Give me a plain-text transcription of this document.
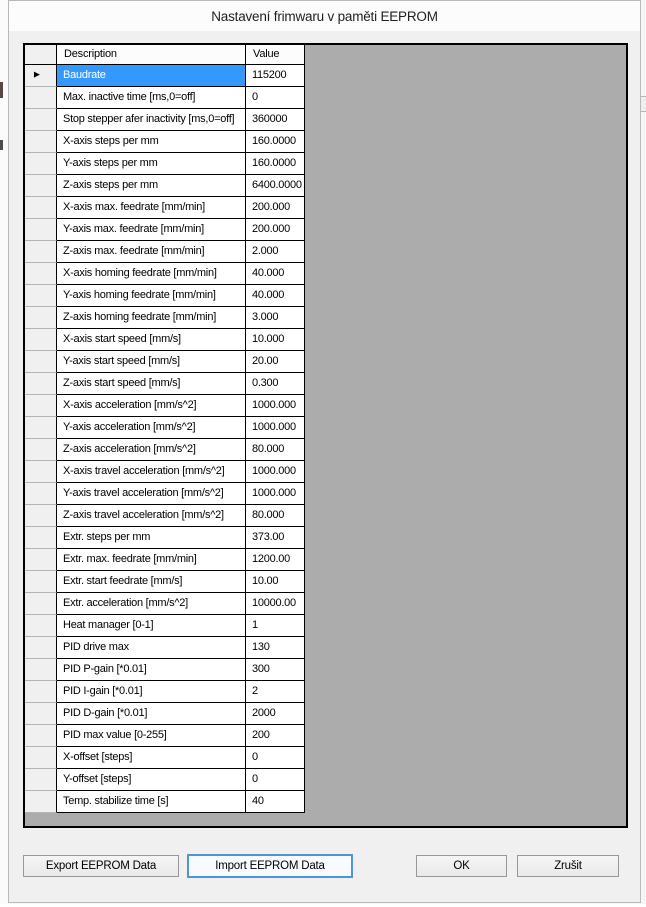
Nastavení frimwaru v paměti EEPROM
Description	Value
►	Baudrate	115200
Max. inactive time [ms,0=off]	0
Stop stepper afer inactivity [ms,0=off]	360000
X-axis steps per mm	160.0000
Y-axis steps per mm	160.0000
Z-axis steps per mm	6400.0000
X-axis max. feedrate [mm/min]	200.000
Y-axis max. feedrate [mm/min]	200.000
Z-axis max. feedrate [mm/min]	2.000
X-axis homing feedrate [mm/min]	40.000
Y-axis homing feedrate [mm/min]	40.000
Z-axis homing feedrate [mm/min]	3.000
X-axis start speed [mm/s]	10.000
Y-axis start speed [mm/s]	20.00
Z-axis start speed [mm/s]	0.300
X-axis acceleration [mm/s^2]	1000.000
Y-axis acceleration [mm/s^2]	1000.000
Z-axis acceleration [mm/s^2]	80.000
X-axis travel acceleration [mm/s^2]	1000.000
Y-axis travel acceleration [mm/s^2]	1000.000
Z-axis travel acceleration [mm/s^2]	80.000
Extr. steps per mm	373.00
Extr. max. feedrate [mm/min]	1200.00
Extr. start feedrate [mm/s]	10.00
Extr. acceleration [mm/s^2]	10000.00
Heat manager [0-1]	1
PID drive max	130
PID P-gain [*0.01]	300
PID I-gain [*0.01]	2
PID D-gain [*0.01]	2000
PID max value [0-255]	200
X-offset [steps]	0
Y-offset [steps]	0
Temp. stabilize time [s]	40
Export EEPROM Data	Import EEPROM Data	OK	Zrušit
